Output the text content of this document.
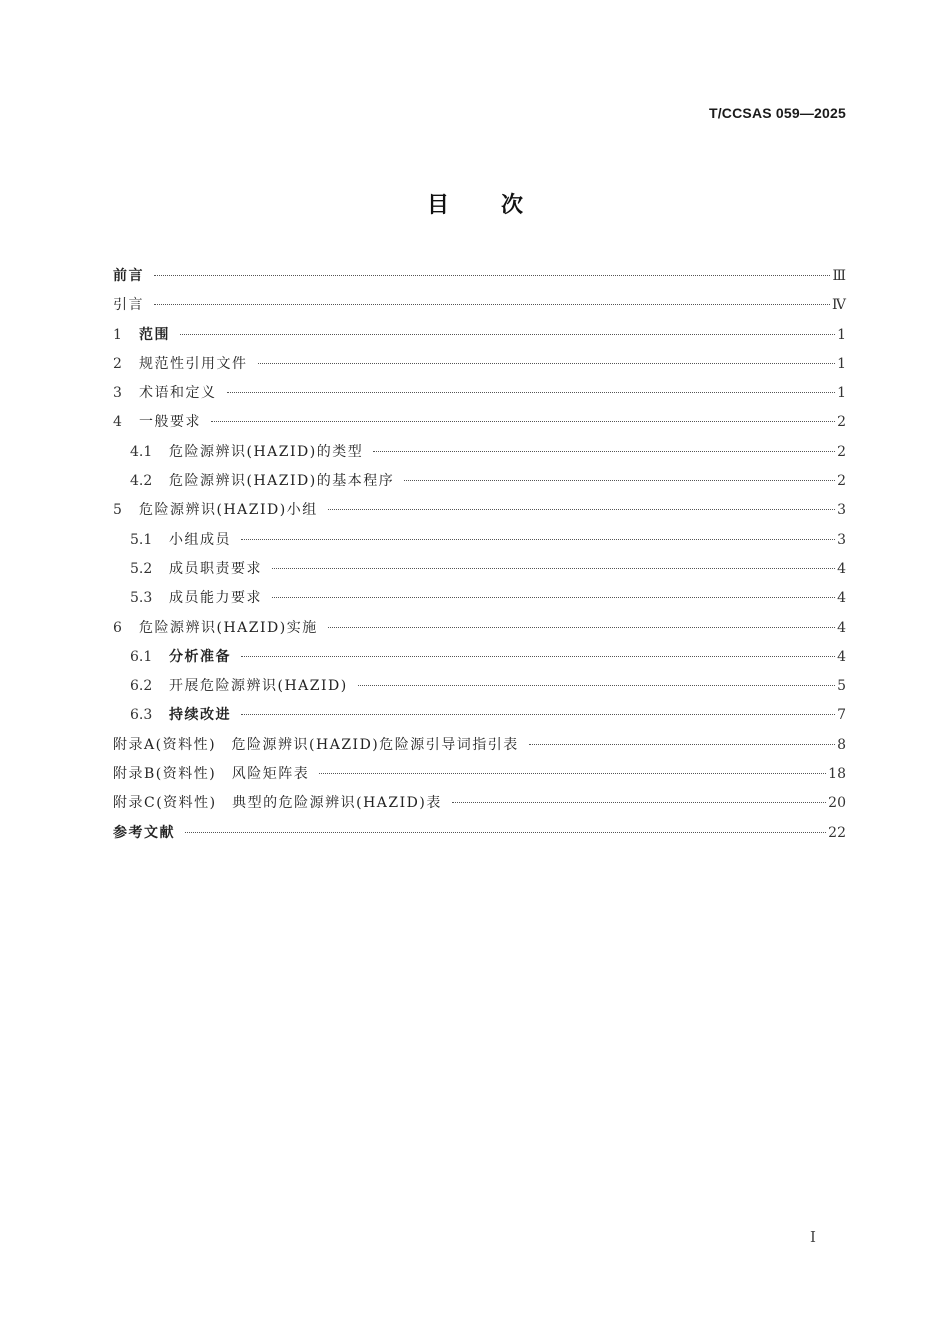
T/CCSAS 059—2025
目次
前言	Ⅲ
引言	Ⅳ
1	范围	1
2	规范性引用文件	1
3	术语和定义	1
4	一般要求	2
4.1	危险源辨识(HAZID)的类型	2
4.2	危险源辨识(HAZID)的基本程序	2
5	危险源辨识(HAZID)小组	3
5.1	小组成员	3
5.2	成员职责要求	4
5.3	成员能力要求	4
6	危险源辨识(HAZID)实施	4
6.1	分析准备	4
6.2	开展危险源辨识(HAZID)	5
6.3	持续改进	7
附录A(资料性)　危险源辨识(HAZID)危险源引导词指引表	8
附录B(资料性)　风险矩阵表	18
附录C(资料性)　典型的危险源辨识(HAZID)表	20
参考文献	22
Ⅰ
